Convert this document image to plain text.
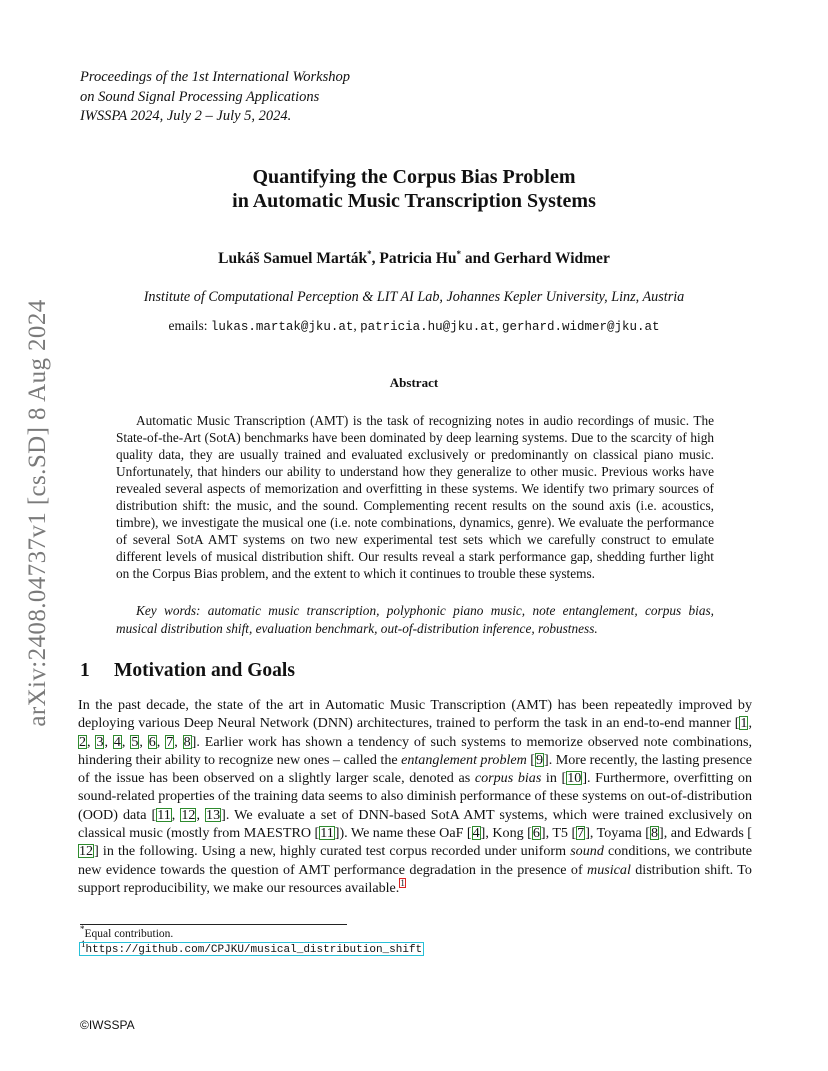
arXiv:2408.04737v1 [cs.SD] 8 Aug 2024
Proceedings of the 1st International Workshop
on Sound Signal Processing Applications
IWSSPA 2024, July 2 – July 5, 2024.
Quantifying the Corpus Bias Problem
in Automatic Music Transcription Systems
Lukáš Samuel Marták*, Patricia Hu* and Gerhard Widmer
Institute of Computational Perception & LIT AI Lab, Johannes Kepler University, Linz, Austria
emails: lukas.martak@jku.at, patricia.hu@jku.at, gerhard.widmer@jku.at
Abstract
Automatic Music Transcription (AMT) is the task of recognizing notes in audio recordings of music. The State-of-the-Art (SotA) benchmarks have been dominated by deep learning systems. Due to the scarcity of high quality data, they are usually trained and evaluated exclusively or predominantly on classical piano music. Unfortunately, that hinders our ability to understand how they generalize to other music. Previous works have revealed several aspects of memorization and overfitting in these systems. We identify two primary sources of distribution shift: the music, and the sound. Complementing recent results on the sound axis (i.e. acoustics, timbre), we investigate the musical one (i.e. note combinations, dynamics, genre). We evaluate the performance of several SotA AMT systems on two new experimental test sets which we carefully construct to emulate different levels of musical distribution shift. Our results reveal a stark performance gap, shedding further light on the Corpus Bias problem, and the extent to which it continues to trouble these systems.
Key words: automatic music transcription, polyphonic piano music, note entanglement, corpus bias, musical distribution shift, evaluation benchmark, out-of-distribution inference, robustness.
1 Motivation and Goals
In the past decade, the state of the art in Automatic Music Transcription (AMT) has been repeatedly improved by deploying various Deep Neural Network (DNN) architectures, trained to perform the task in an end-to-end manner [1, 2, 3, 4, 5, 6, 7, 8]. Earlier work has shown a tendency of such systems to memorize observed note combinations, hindering their ability to recognize new ones – called the entanglement problem [9]. More recently, the lasting presence of the issue has been observed on a slightly larger scale, denoted as corpus bias in [10]. Furthermore, overfitting on sound-related properties of the training data seems to also diminish performance of these systems on out-of-distribution (OOD) data [11, 12, 13]. We evaluate a set of DNN-based SotA AMT systems, which were trained exclusively on classical music (mostly from MAESTRO [11]). We name these OaF [4], Kong [6], T5 [7], Toyama [8], and Edwards [12] in the following. Using a new, highly curated test corpus recorded under uniform sound conditions, we contribute new evidence towards the question of AMT performance degradation in the presence of musical distribution shift. To support reproducibility, we make our resources available.$^1$
*Equal contribution.
$^1$https://github.com/CPJKU/musical_distribution_shift
©IWSSPA
